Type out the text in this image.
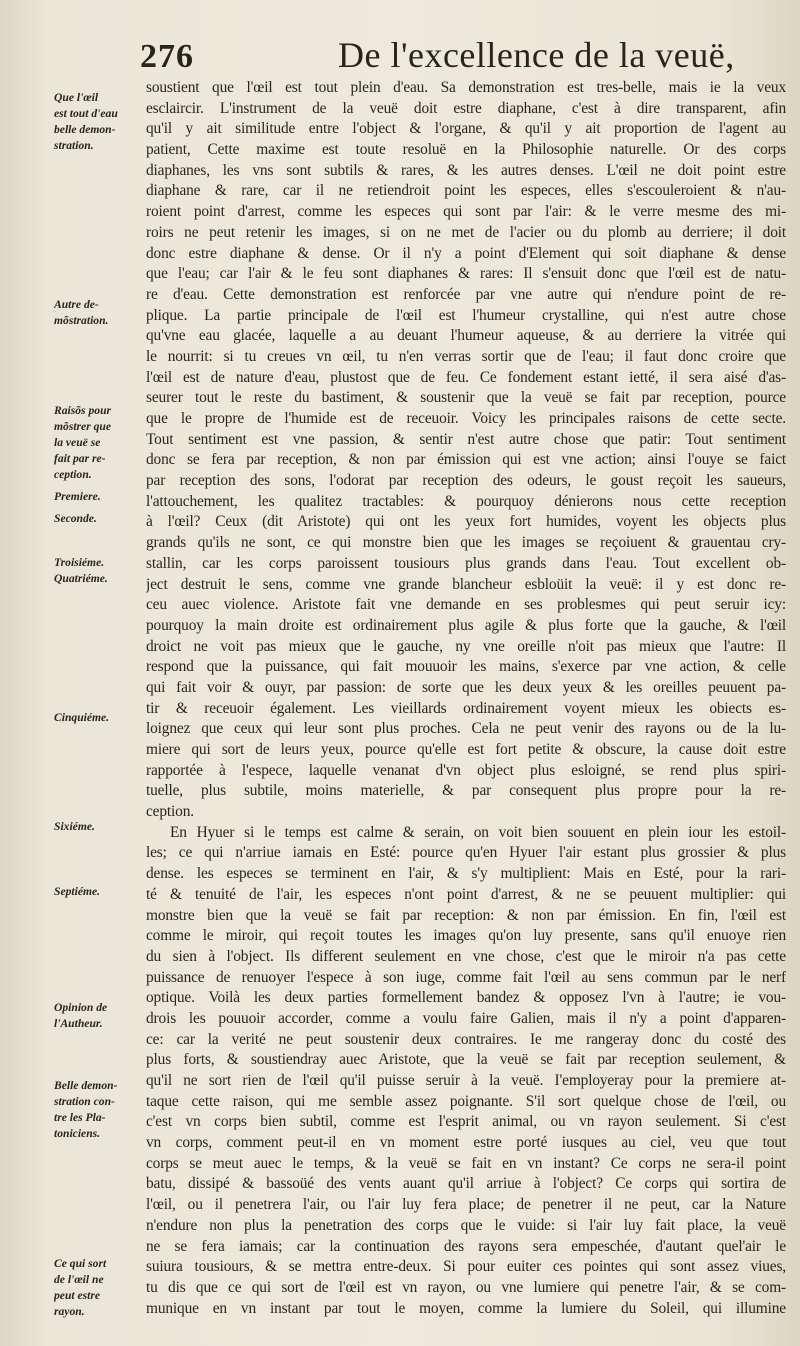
276	De l'excellence de la veuë,
soustient que l'œil est tout plein d'eau. Sa demonstration est tres-belle, mais ie la veux
esclaircir. L'instrument de la veuë doit estre diaphane, c'est à dire transparent, afin
qu'il y ait similitude entre l'object & l'organe, & qu'il y ait proportion de l'agent au
patient, Cette maxime est toute resoluë en la Philosophie naturelle. Or des corps
diaphanes, les vns sont subtils & rares, & les autres denses. L'œil ne doit point estre
diaphane & rare, car il ne retiendroit point les especes, elles s'escouleroient & n'au-
roient point d'arrest, comme les especes qui sont par l'air: & le verre mesme des mi-
roirs ne peut retenir les images, si on ne met de l'acier ou du plomb au derriere; il doit
donc estre diaphane & dense. Or il n'y a point d'Element qui soit diaphane & dense
que l'eau; car l'air & le feu sont diaphanes & rares: Il s'ensuit donc que l'œil est de natu-
re d'eau. Cette demonstration est renforcée par vne autre qui n'endure point de re-
plique. La partie principale de l'œil est l'humeur crystalline, qui n'est autre chose
qu'vne eau glacée, laquelle a au deuant l'humeur aqueuse, & au derriere la vitrée qui
le nourrit: si tu creues vn œil, tu n'en verras sortir que de l'eau; il faut donc croire que
l'œil est de nature d'eau, plustost que de feu. Ce fondement estant ietté, il sera aisé d'as-
seurer tout le reste du bastiment, & soustenir que la veuë se fait par reception, pource
que le propre de l'humide est de receuoir. Voicy les principales raisons de cette secte.
Tout sentiment est vne passion, & sentir n'est autre chose que patir: Tout sentiment
donc se fera par reception, & non par émission qui est vne action; ainsi l'ouye se faict
par reception des sons, l'odorat par reception des odeurs, le goust reçoit les saueurs,
l'attouchement, les qualitez tractables: & pourquoy dénierons nous cette reception
à l'œil? Ceux (dit Aristote) qui ont les yeux fort humides, voyent les objects plus
grands qu'ils ne sont, ce qui monstre bien que les images se reçoiuent & grauentau cry-
stallin, car les corps paroissent tousiours plus grands dans l'eau. Tout excellent ob-
ject destruit le sens, comme vne grande blancheur esbloüit la veuë: il y est donc re-
ceu auec violence. Aristote fait vne demande en ses problesmes qui peut seruir icy:
pourquoy la main droite est ordinairement plus agile & plus forte que la gauche, & l'œil
droict ne voit pas mieux que le gauche, ny vne oreille n'oit pas mieux que l'autre: Il
respond que la puissance, qui fait mouuoir les mains, s'exerce par vne action, & celle
qui fait voir & ouyr, par passion: de sorte que les deux yeux & les oreilles peuuent pa-
tir & receuoir également. Les vieillards ordinairement voyent mieux les obiects es-
loignez que ceux qui leur sont plus proches. Cela ne peut venir des rayons ou de la lu-
miere qui sort de leurs yeux, pource qu'elle est fort petite & obscure, la cause doit estre
rapportée à l'espece, laquelle venanat d'vn object plus esloigné, se rend plus spiri-
tuelle, plus subtile, moins materielle, & par consequent plus propre pour la re-
ception.
En Hyuer si le temps est calme & serain, on voit bien souuent en plein iour les estoil-
les; ce qui n'arriue iamais en Esté: pource qu'en Hyuer l'air estant plus grossier & plus
dense. les especes se terminent en l'air, & s'y multiplient: Mais en Esté, pour la rari-
té & tenuité de l'air, les especes n'ont point d'arrest, & ne se peuuent multiplier: qui
monstre bien que la veuë se fait par reception: & non par émission. En fin, l'œil est
comme le miroir, qui reçoit toutes les images qu'on luy presente, sans qu'il enuoye rien
du sien à l'object. Ils different seulement en vne chose, c'est que le miroir n'a pas cette
puissance de renuoyer l'espece à son iuge, comme fait l'œil au sens commun par le nerf
optique. Voilà les deux parties formellement bandez & opposez l'vn à l'autre; ie vou-
drois les pouuoir accorder, comme a voulu faire Galien, mais il n'y a point d'apparen-
ce: car la verité ne peut soustenir deux contraires. Ie me rangeray donc du costé des
plus forts, & soustiendray auec Aristote, que la veuë se fait par reception seulement, &
qu'il ne sort rien de l'œil qu'il puisse seruir à la veuë. I'employeray pour la premiere at-
taque cette raison, qui me semble assez poignante. S'il sort quelque chose de l'œil, ou
c'est vn corps bien subtil, comme est l'esprit animal, ou vn rayon seulement. Si c'est
vn corps, comment peut-il en vn moment estre porté iusques au ciel, veu que tout
corps se meut auec le temps, & la veuë se fait en vn instant? Ce corps ne sera-il point
batu, dissipé & bassoüé des vents auant qu'il arriue à l'object? Ce corps qui sortira de
l'œil, ou il penetrera l'air, ou l'air luy fera place; de penetrer il ne peut, car la Nature
n'endure non plus la penetration des corps que le vuide: si l'air luy fait place, la veuë
ne se fera iamais; car la continuation des rayons sera empeschée, d'autant quel'air le
suiura tousiours, & se mettra entre-deux. Si pour euiter ces pointes qui sont assez viues,
tu dis que ce qui sort de l'œil est vn rayon, ou vne lumiere qui penetre l'air, & se com-
munique en vn instant par tout le moyen, comme la lumiere du Soleil, qui illumine
Que l'œil
est tout d'eau
belle demon-
stration.
Autre de-
mõstration.
Raisõs pour
mõstrer que
la veuë se
fait par re-
ception.
Premiere.
Seconde.
Troisiéme.
Quatriéme.
Cinquiéme.
Sixiéme.
Septiéme.
Opinion de
l'Autheur.
Belle demon-
stration con-
tre les Pla-
toniciens.
Ce qui sort
de l'œil ne
peut estre
rayon.
